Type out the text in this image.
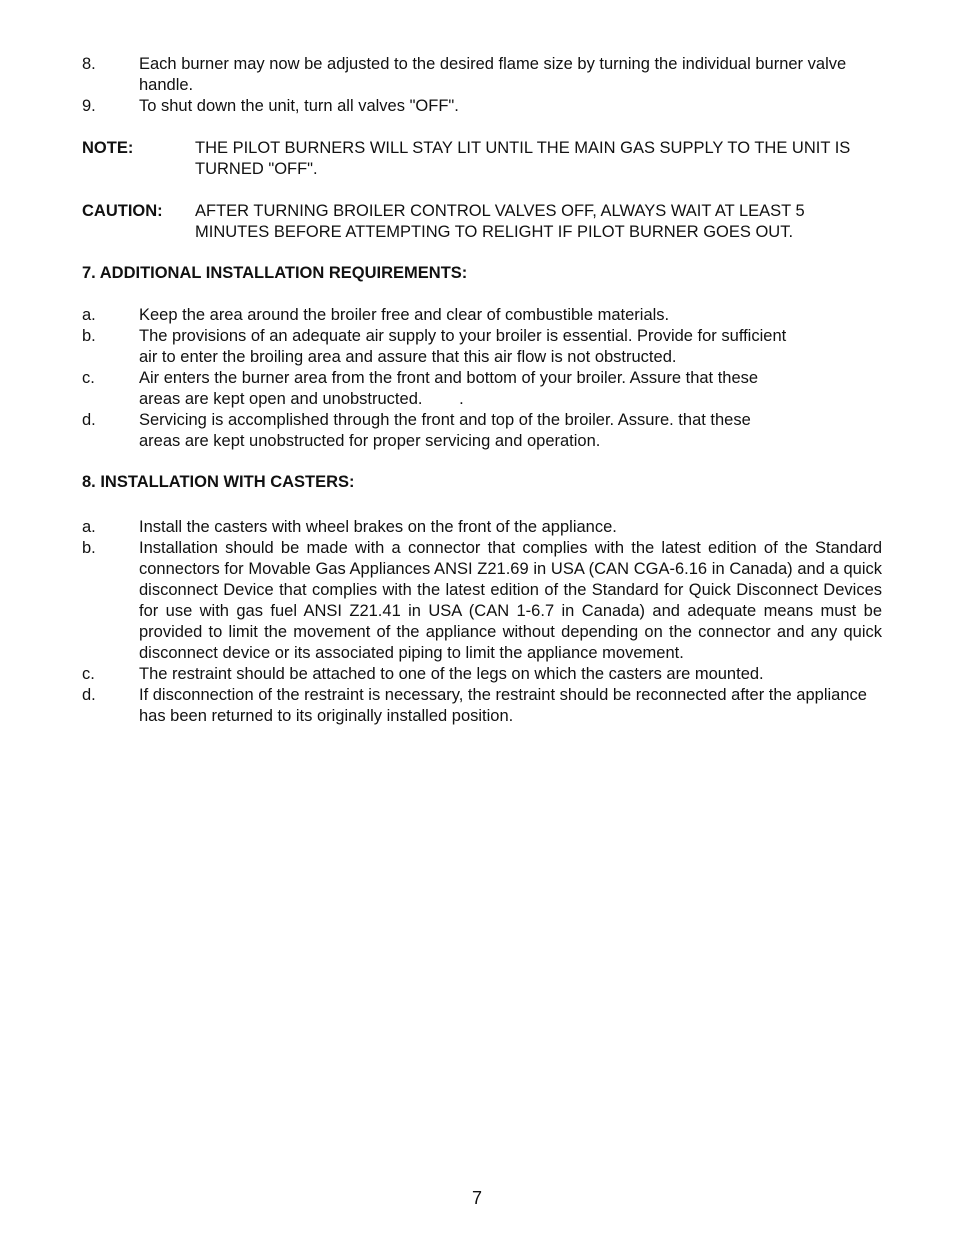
8.	Each burner may now be adjusted to the desired flame size by turning the individual burner valve handle.
9.	To shut down the unit, turn all valves "OFF".
NOTE:	THE PILOT BURNERS WILL STAY LIT UNTIL THE MAIN GAS SUPPLY TO THE UNIT IS TURNED "OFF".
CAUTION:	AFTER TURNING BROILER CONTROL VALVES OFF, ALWAYS WAIT AT LEAST 5 MINUTES BEFORE ATTEMPTING TO RELIGHT IF PILOT BURNER GOES OUT.
7. ADDITIONAL INSTALLATION REQUIREMENTS:
a.	Keep the area around the broiler free and clear of combustible materials.
b.	The provisions of an adequate air supply to your broiler is essential. Provide for sufficient air to enter the broiling area and assure that this air flow is not obstructed.
c.	Air enters the burner area from the front and bottom of your broiler. Assure that these areas are kept open and unobstructed.        .
d.	Servicing is accomplished through the front and top of the broiler. Assure. that these areas are kept unobstructed for proper servicing and operation.
8. INSTALLATION WITH CASTERS:
a.	Install the casters with wheel brakes on the front of the appliance.
b.	Installation should be made with a connector that complies with the latest edition of the Standard connectors for Movable Gas Appliances ANSI Z21.69 in USA (CAN CGA-6.16 in Canada) and a quick disconnect Device that complies with the latest edition of the Standard for Quick Disconnect Devices for use with gas fuel ANSI Z21.41 in USA (CAN 1-6.7 in Canada) and adequate means must be provided to limit the movement of the appliance without depending on the connector and any quick disconnect device or its associated piping to limit the appliance movement.
c.	The restraint should be attached to one of the legs on which the casters are mounted.
d.	If disconnection of the restraint is necessary, the restraint should be reconnected after the appliance has been returned to its originally installed position.
7
